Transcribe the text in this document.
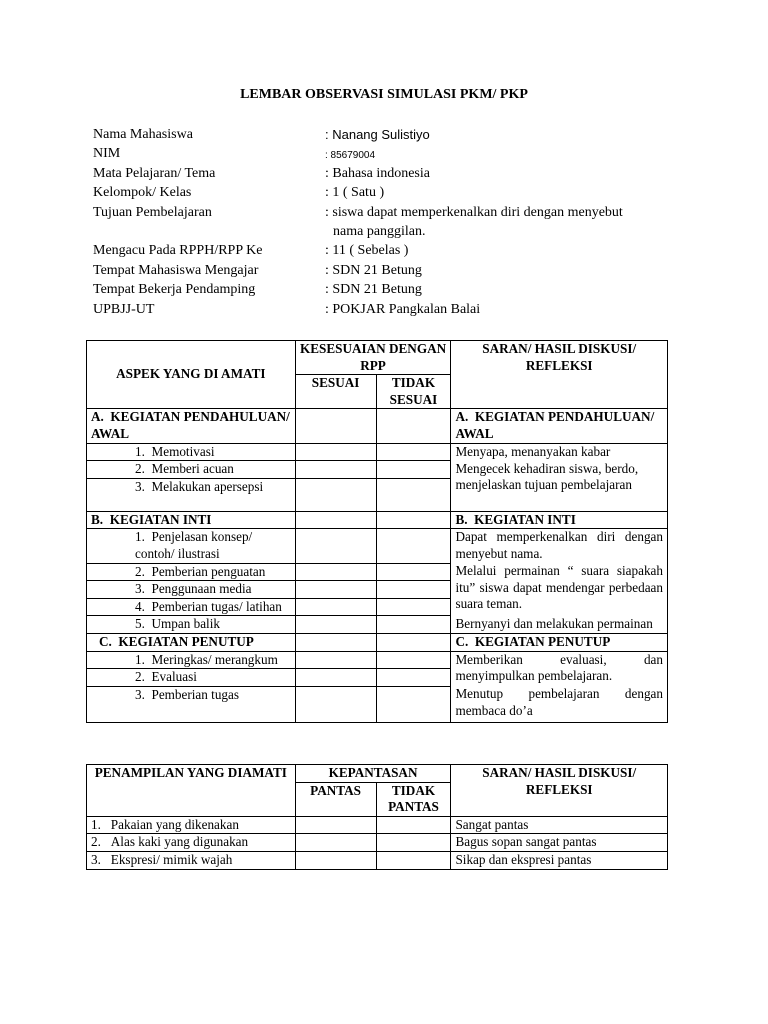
LEMBAR OBSERVASI SIMULASI PKM/ PKP
Nama Mahasiswa	: Nanang Sulistiyo
NIM	: 85679004
Mata Pelajaran/ Tema	: Bahasa indonesia
Kelompok/ Kelas	: 1 ( Satu )
Tujuan Pembelajaran	: siswa dapat memperkenalkan diri dengan menyebut
nama panggilan.
Mengacu Pada RPPH/RPP Ke	: 11 ( Sebelas )
Tempat Mahasiswa Mengajar	: SDN 21 Betung
Tempat Bekerja Pendamping	: SDN 21 Betung
UPBJJ-UT	: POKJAR Pangkalan Balai
ASPEK YANG DI AMATI	KESESUAIAN DENGAN RPP		SARAN/ HASIL DISKUSI/ REFLEKSI
	SESUAI	TIDAK SESUAI	
A. KEGIATAN PENDAHULUAN/ AWAL			A. KEGIATAN PENDAHULUAN/ AWAL

1.  Memotivasi			Menyapa, menanyakan kabar

2.  Memberi acuan			Mengecek kehadiran siswa, berdo, menjelaskan tujuan pembelajaran

3.  Melakukan apersepsi			

B. KEGIATAN INTI			B. KEGIATAN INTI

1.  Penjelasan konsep/ contoh/ ilustrasi			Dapat memperkenalkan diri dengan menyebut nama.

2.  Pemberian penguatan			Melalui permainan “ suara siapakah itu” siswa dapat mendengar perbedaan suara teman.

3.  Penggunaan media			

4.  Pemberian tugas/ latihan			

5.  Umpan balik			Bernyanyi dan melakukan permainan
C. KEGIATAN PENUTUP			C. KEGIATAN PENUTUP

1.  Meringkas/ merangkum			Memberikan evaluasi, dan menyimpulkan pembelajaran.

2.  Evaluasi			

3.  Pemberian tugas			Menutup pembelajaran dengan membaca do’a
PENAMPILAN YANG DIAMATI	KEPANTASAN		SARAN/ HASIL DISKUSI/ REFLEKSI
	PANTAS	TIDAK PANTAS	
1. Pakaian yang dikenakan			Sangat pantas
2. Alas kaki yang digunakan			Bagus sopan sangat pantas
3. Ekspresi/ mimik wajah			Sikap dan ekspresi pantas
